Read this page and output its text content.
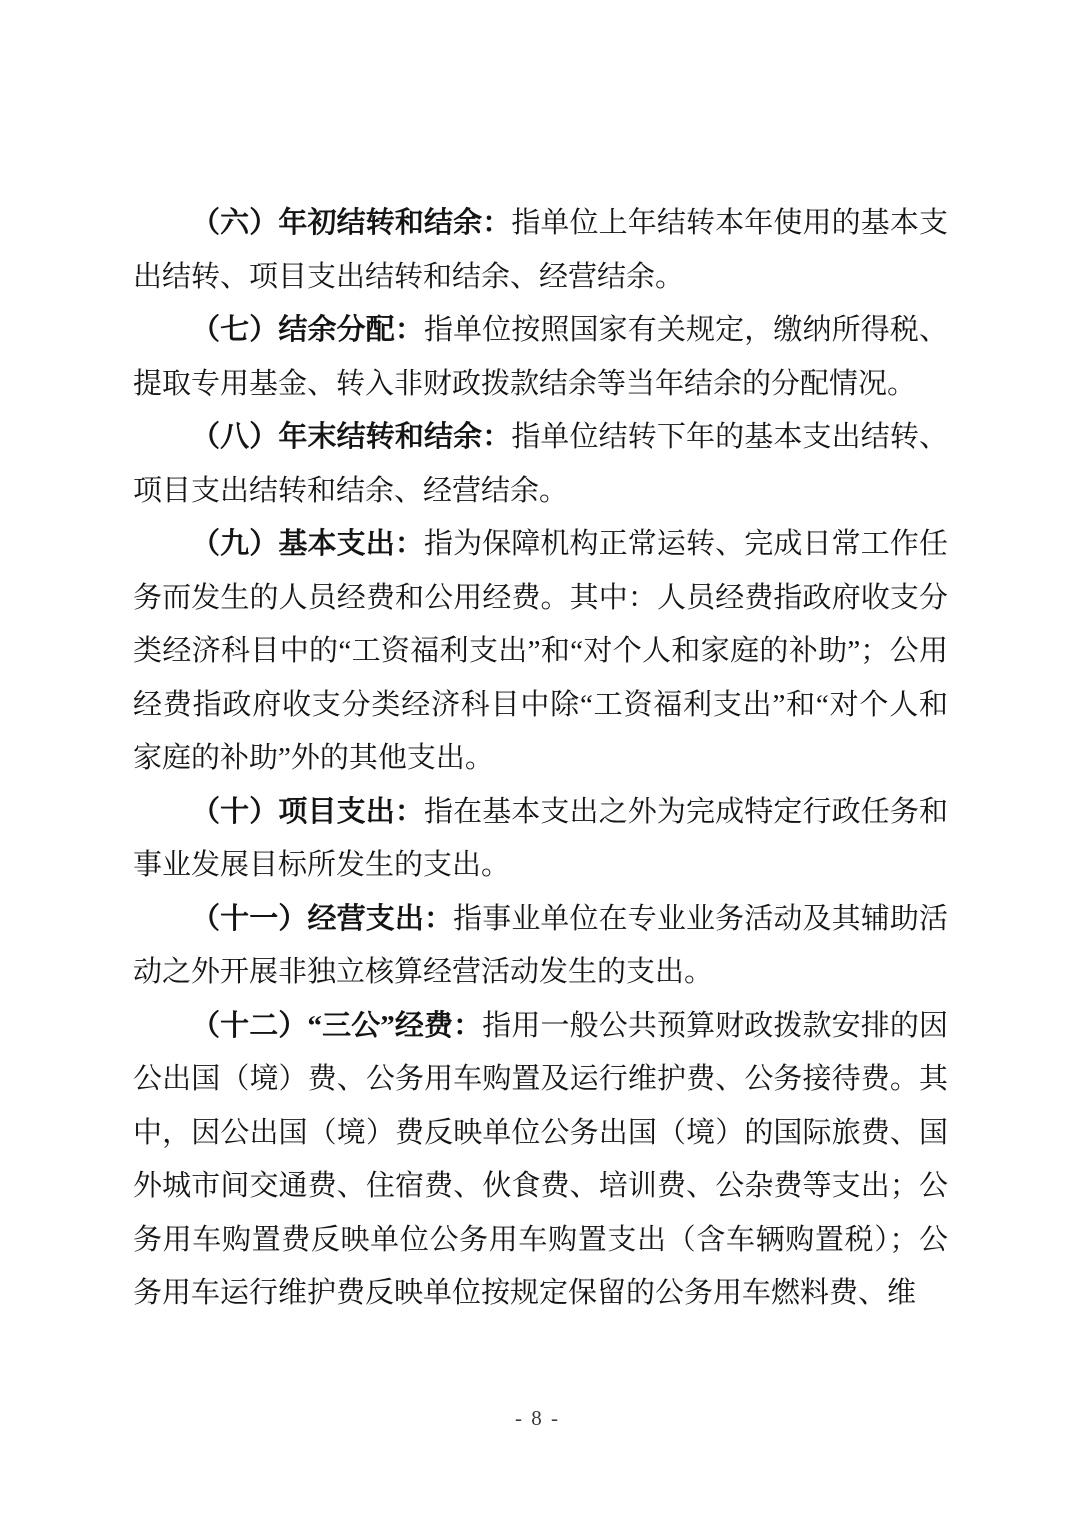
（六）年初结转和结余：指单位上年结转本年使用的基本支出结转、项目支出结转和结余、经营结余。

（七）结余分配：指单位按照国家有关规定，缴纳所得税、提取专用基金、转入非财政拨款结余等当年结余的分配情况。

（八）年末结转和结余：指单位结转下年的基本支出结转、项目支出结转和结余、经营结余。

（九）基本支出：指为保障机构正常运转、完成日常工作任务而发生的人员经费和公用经费。其中：人员经费指政府收支分类经济科目中的“工资福利支出”和“对个人和家庭的补助”；公用经费指政府收支分类经济科目中除“工资福利支出”和“对个人和家庭的补助”外的其他支出。

（十）项目支出：指在基本支出之外为完成特定行政任务和事业发展目标所发生的支出。

（十一）经营支出：指事业单位在专业业务活动及其辅助活动之外开展非独立核算经营活动发生的支出。

（十二）“三公”经费：指用一般公共预算财政拨款安排的因公出国（境）费、公务用车购置及运行维护费、公务接待费。其中，因公出国（境）费反映单位公务出国（境）的国际旅费、国外城市间交通费、住宿费、伙食费、培训费、公杂费等支出；公务用车购置费反映单位公务用车购置支出（含车辆购置税）；公务用车运行维护费反映单位按规定保留的公务用车燃料费、维

- 8 -
